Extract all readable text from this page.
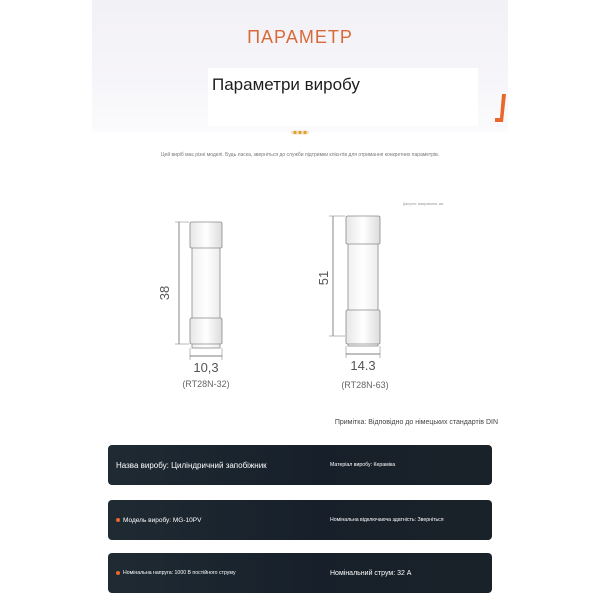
ПАРАМЕТР
Параметри виробу
Цей виріб має різні моделі. Будь ласка, зверніться до служби підтримки клієнтів для отримання конкретних параметрів.
Джерело: вимірювання, мм
38
10,3
(RT28N-32)
51
14.3
(RT28N-63)
Примітка: Відповідно до німецьких стандартів DIN
Назва виробу: Циліндричний запобіжник	Матеріал виробу: Кераміка
Модель виробу: MG-10PV	Номінальна відключаюча здатність: Зверніться
Номінальна напруга: 1000 В постійного струму	Номінальний струм: 32 А
